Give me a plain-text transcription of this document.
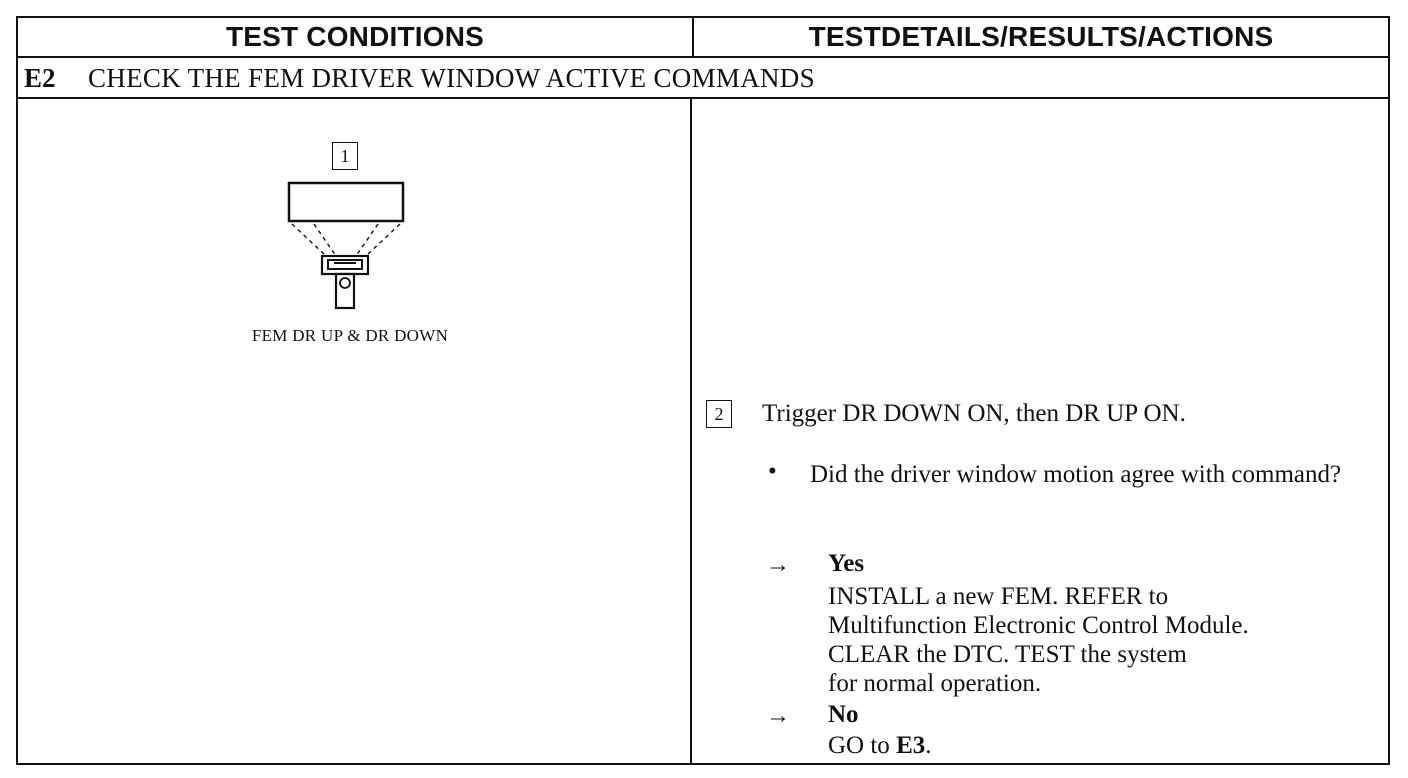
TEST CONDITIONS	TESTDETAILS/RESULTS/ACTIONS
E2	CHECK THE FEM DRIVER WINDOW ACTIVE COMMANDS
1
FEM DR UP & DR DOWN
2	Trigger DR DOWN ON, then DR UP ON.
• Did the driver window motion agree with command?
→ Yes
INSTALL a new FEM. REFER to
Multifunction Electronic Control Module.
CLEAR the DTC. TEST the system
for normal operation.
→ No
GO to E3.
